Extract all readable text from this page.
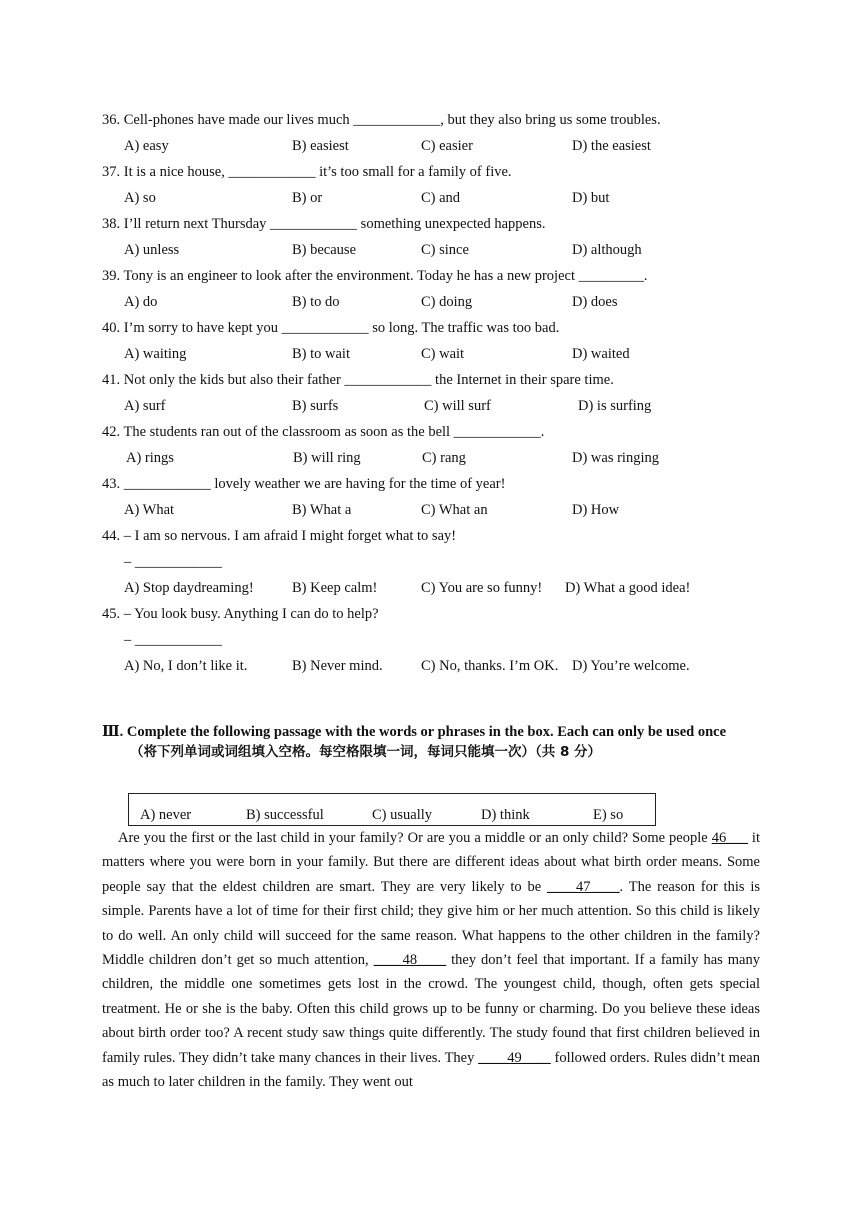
36. Cell-phones have made our lives much ____________, but they also bring us some troubles.
A) easy	B) easiest	C) easier	D) the easiest
37. It is a nice house, ____________ it’s too small for a family of five.
A) so	B) or	C) and	D) but
38. I’ll return next Thursday ____________ something unexpected happens.
A) unless	B) because	C) since	D) although
39. Tony is an engineer to look after the environment. Today he has a new project _________.
A) do	B) to do	C) doing	D) does
40. I’m sorry to have kept you ____________ so long. The traffic was too bad.
A) waiting	B) to wait	C) wait	D) waited
41. Not only the kids but also their father ____________ the Internet in their spare time.
A) surf	B) surfs	C) will surf	D) is surfing
42. The students ran out of the classroom as soon as the bell ____________.
A) rings	B) will ring	C) rang	D) was ringing
43. ____________ lovely weather we are having for the time of year!
A) What	B) What a	C) What an	D) How
44. – I am so nervous. I am afraid I might forget what to say!
– ____________
A) Stop daydreaming!	B) Keep calm!	C) You are so funny! D) What a good idea!
45. – You look busy. Anything I can do to help?
– ____________
A) No, I don’t like it.	B) Never mind.	C) No, thanks. I’m OK. D) You’re welcome.
Ⅲ. Complete the following passage with the words or phrases in the box. Each can only be used once
（将下列单词或词组填入空格。每空格限填一词，每词只能填一次）（共 8 分）
A) never	B) successful	C) usually	D) think	E) so

Are you the first or the last child in your family? Or are you a middle or an only child? Some people 46___ it matters where you were born in your family. But there are different ideas about what birth order means. Some people say that the eldest children are smart. They are very likely to be ____47____. The reason for this is simple. Parents have a lot of time for their first child; they give him or her much attention. So this child is likely to do well. An only child will succeed for the same reason. What happens to the other children in the family? Middle children don’t get so much attention, ____48____ they don’t feel that important. If a family has many children, the middle one sometimes gets lost in the crowd. The youngest child, though, often gets special treatment. He or she is the baby. Often this child grows up to be funny or charming. Do you believe these ideas about birth order too? A recent study saw things quite differently. The study found that first children believed in family rules. They didn’t take many chances in their lives. They ____49____ followed orders. Rules didn’t mean as much to later children in the family. They went out
